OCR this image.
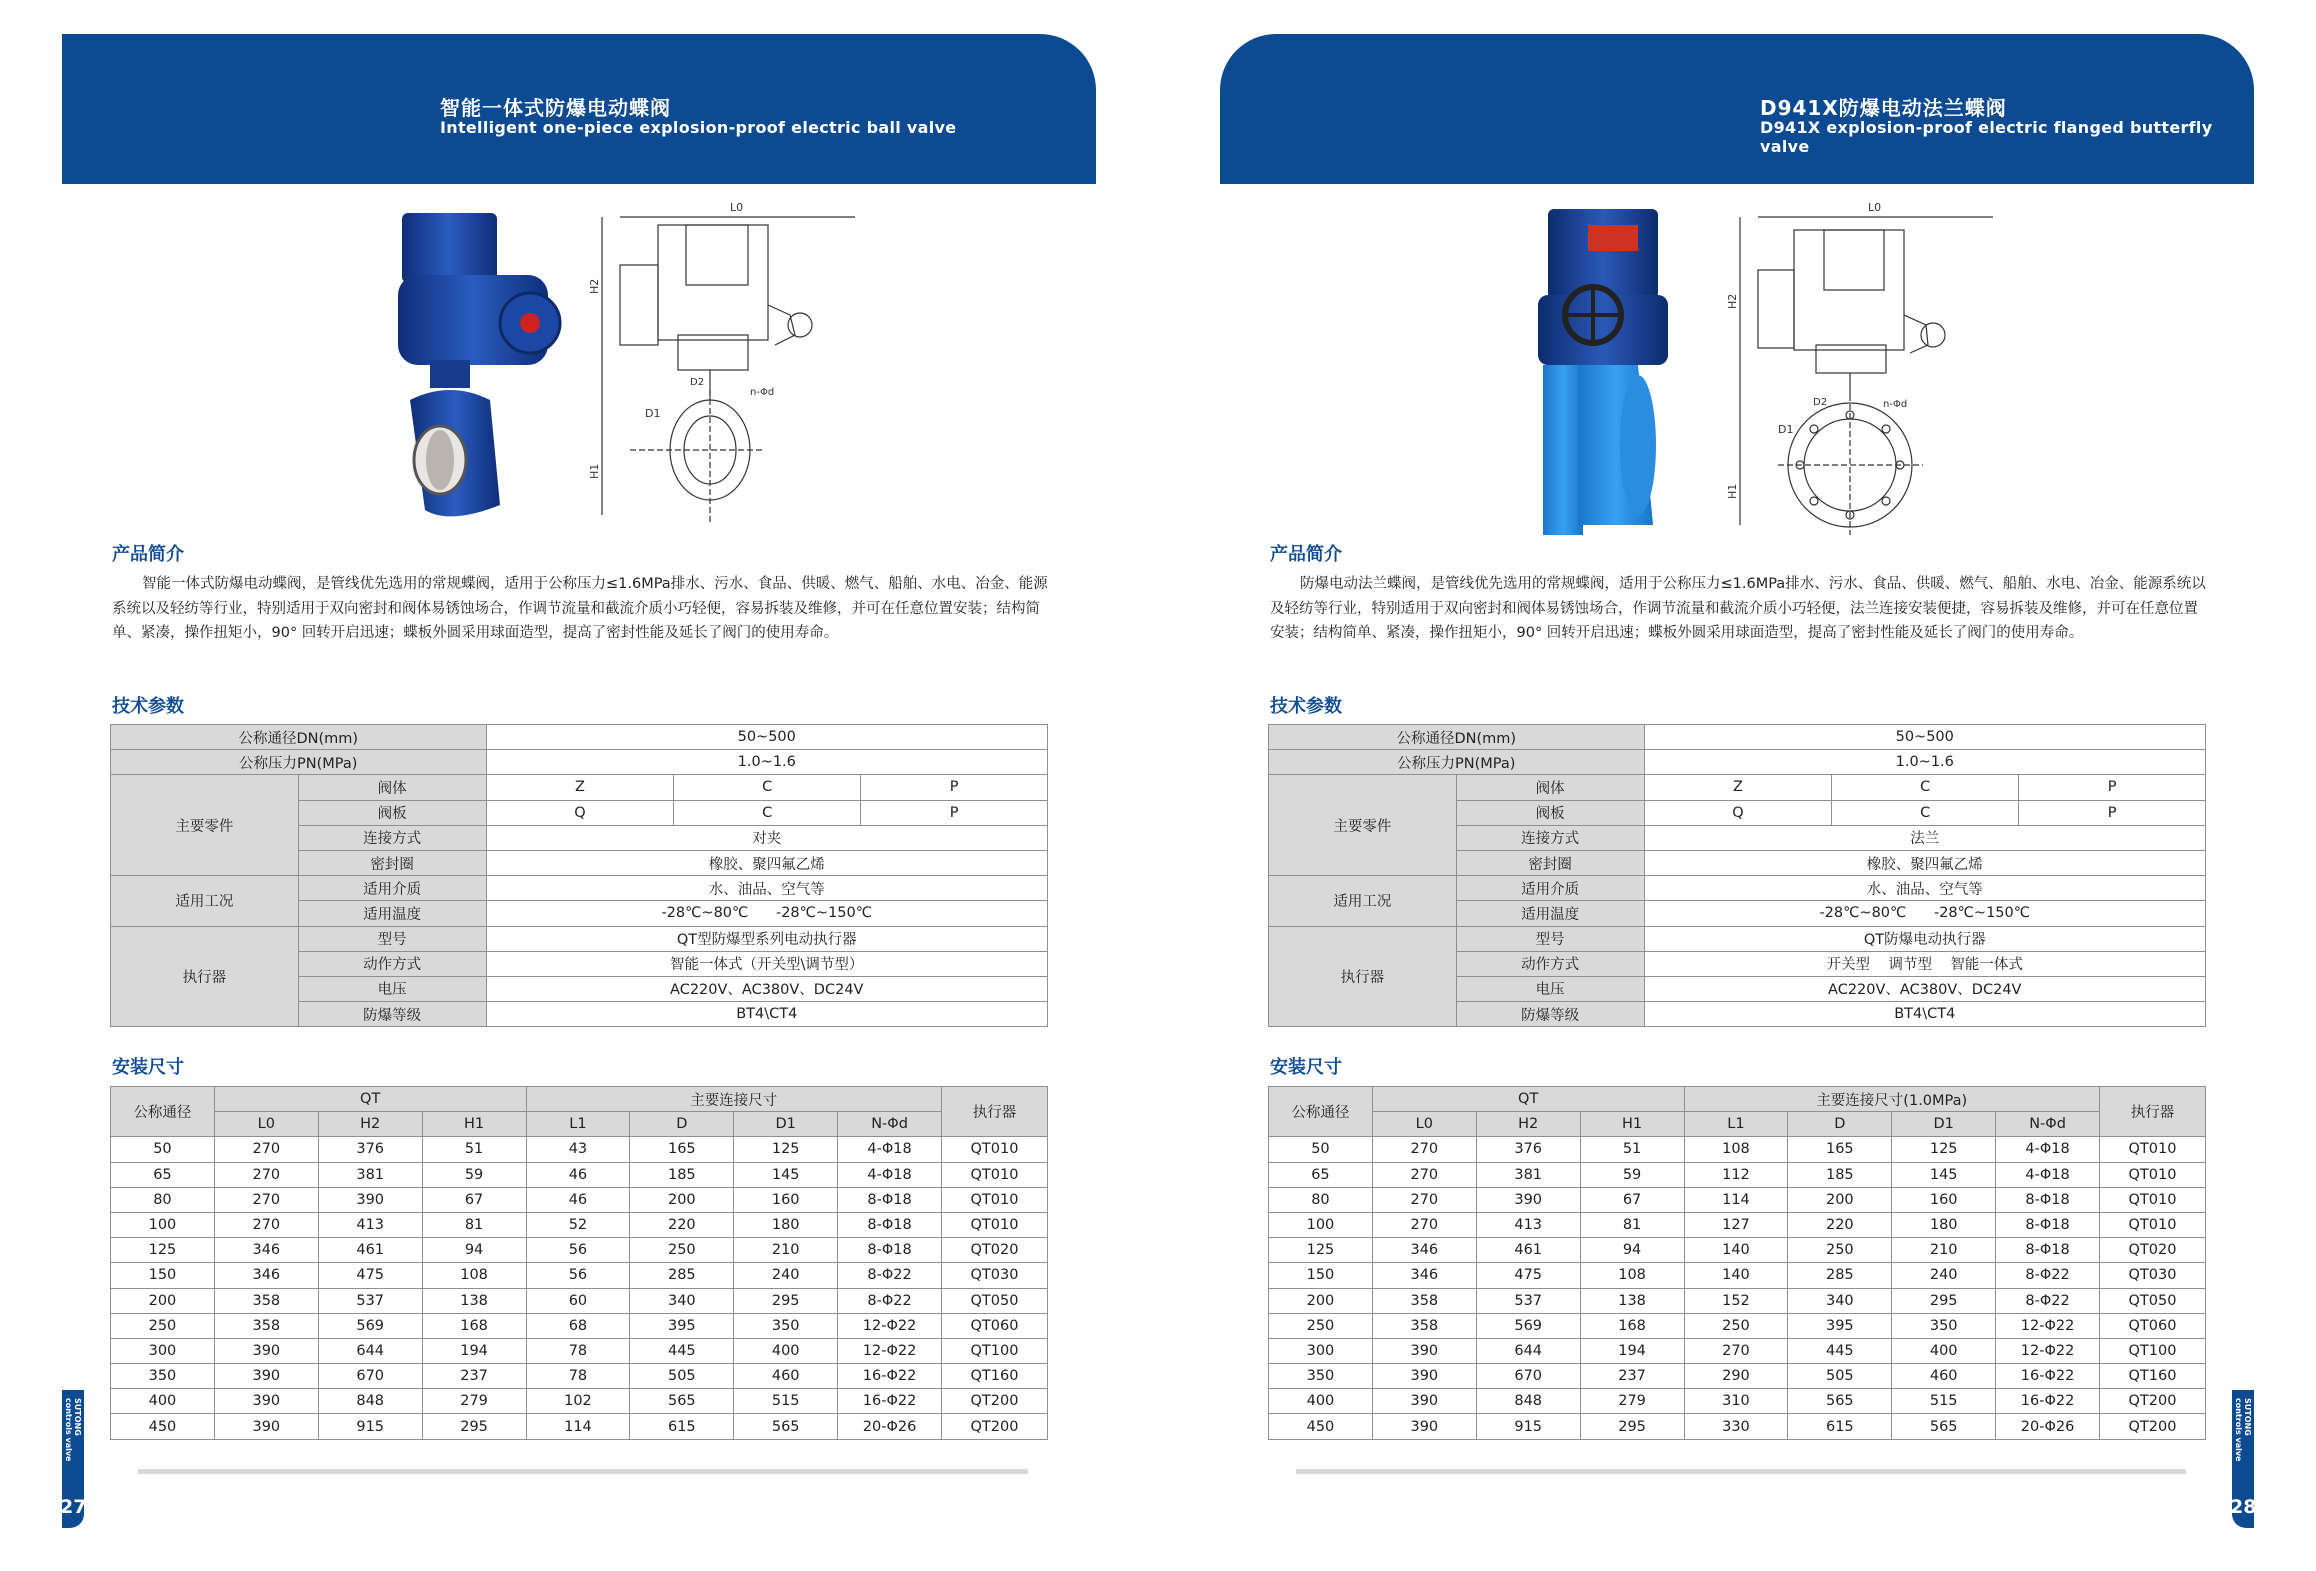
智能一体式防爆电动蝶阀
Intelligent one-piece explosion-proof electric ball valve
L0
H2
H1
D1
D2
n-Φd
产品简介
智能一体式防爆电动蝶阀，是管线优先选用的常规蝶阀，适用于公称压力≤1.6MPa排水、污水、食品、供暖、燃气、船舶、水电、冶金、能源系统以及轻纺等行业，特别适用于双向密封和阀体易锈蚀场合，作调节流量和截流介质小巧轻便，容易拆装及维修，并可在任意位置安装；结构简单、紧凑，操作扭矩小，90° 回转开启迅速；蝶板外圆采用球面造型，提高了密封性能及延长了阀门的使用寿命。
技术参数
公称通径DN(mm)		50~500		
公称压力PN(MPa)		1.0~1.6		
主要零件	阀体	Z	C	P
	阀板	Q	C	P
	连接方式	对夹		
	密封圈	橡胶、聚四氟乙烯		
适用工况	适用介质	水、油品、空气等		
	适用温度	-28℃~80℃      -28℃~150℃		
执行器	型号	QT型防爆型系列电动执行器		
	动作方式	智能一体式（开关型\调节型）		
	电压	AC220V、AC380V、DC24V		
	防爆等级	BT4\CT4		
安装尺寸
公称通径	QT			主要连接尺寸				执行器
	L0	H2	H1	L1	D	D1	N-Φd	
50	270	376	51	43	165	125	4-Φ18	QT010
65	270	381	59	46	185	145	4-Φ18	QT010
80	270	390	67	46	200	160	8-Φ18	QT010
100	270	413	81	52	220	180	8-Φ18	QT010
125	346	461	94	56	250	210	8-Φ18	QT020
150	346	475	108	56	285	240	8-Φ22	QT030
200	358	537	138	60	340	295	8-Φ22	QT050
250	358	569	168	68	395	350	12-Φ22	QT060
300	390	644	194	78	445	400	12-Φ22	QT100
350	390	670	237	78	505	460	16-Φ22	QT160
400	390	848	279	102	565	515	16-Φ22	QT200
450	390	915	295	114	615	565	20-Φ26	QT200
SUTONG controls valve
27
D941X防爆电动法兰蝶阀
D941X explosion-proof electric flanged butterfly valve
L0
H2
H1
D1
D2	n-Φd
产品简介
防爆电动法兰蝶阀，是管线优先选用的常规蝶阀，适用于公称压力≤1.6MPa排水、污水、食品、供暖、燃气、船舶、水电、冶金、能源系统以及轻纺等行业，特别适用于双向密封和阀体易锈蚀场合，作调节流量和截流介质小巧轻便，法兰连接安装便捷，容易拆装及维修，并可在任意位置安装；结构简单、紧凑，操作扭矩小，90° 回转开启迅速；蝶板外圆采用球面造型，提高了密封性能及延长了阀门的使用寿命。
技术参数
公称通径DN(mm)		50~500		
公称压力PN(MPa)		1.0~1.6		
主要零件	阀体	Z	C	P
	阀板	Q	C	P
	连接方式	法兰		
	密封圈	橡胶、聚四氟乙烯		
适用工况	适用介质	水、油品、空气等		
	适用温度	-28℃~80℃      -28℃~150℃		
执行器	型号	QT防爆电动执行器		
	动作方式	开关型    调节型    智能一体式		
	电压	AC220V、AC380V、DC24V		
	防爆等级	BT4\CT4		
安装尺寸
公称通径	QT			主要连接尺寸(1.0MPa)				执行器
	L0	H2	H1	L1	D	D1	N-Φd	
50	270	376	51	108	165	125	4-Φ18	QT010
65	270	381	59	112	185	145	4-Φ18	QT010
80	270	390	67	114	200	160	8-Φ18	QT010
100	270	413	81	127	220	180	8-Φ18	QT010
125	346	461	94	140	250	210	8-Φ18	QT020
150	346	475	108	140	285	240	8-Φ22	QT030
200	358	537	138	152	340	295	8-Φ22	QT050
250	358	569	168	250	395	350	12-Φ22	QT060
300	390	644	194	270	445	400	12-Φ22	QT100
350	390	670	237	290	505	460	16-Φ22	QT160
400	390	848	279	310	565	515	16-Φ22	QT200
450	390	915	295	330	615	565	20-Φ26	QT200	SUTONG controls valve
28
